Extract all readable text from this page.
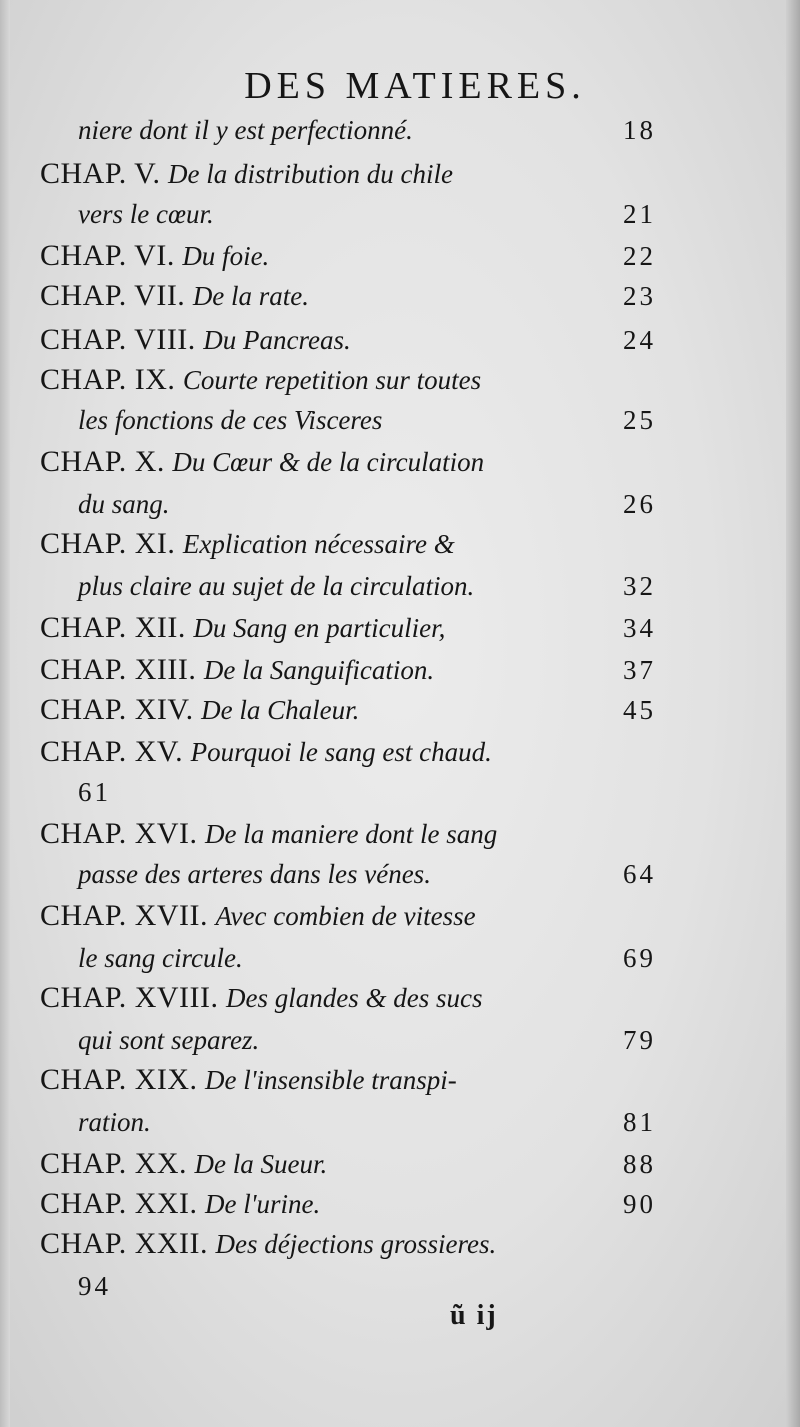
DES MATIERES.
niere dont il y est perfectionné.	18
CHAP. V. De la distribution du chile
vers le cœur.	21
CHAP. VI. Du foie.	22
CHAP. VII. De la rate.	23
CHAP. VIII. Du Pancreas.	24
CHAP. IX. Courte repetition sur toutes
les fonctions de ces Visceres	25
CHAP. X. Du Cœur & de la circulation
du sang.	26
CHAP. XI. Explication nécessaire &
plus claire au sujet de la circulation.	32
CHAP. XII. Du Sang en particulier,	34
CHAP. XIII. De la Sanguification.	37
CHAP. XIV. De la Chaleur.	45
CHAP. XV. Pourquoi le sang est chaud.
61
CHAP. XVI. De la maniere dont le sang
passe des arteres dans les vénes.	64
CHAP. XVII. Avec combien de vitesse
le sang circule.	69
CHAP. XVIII. Des glandes & des sucs
qui sont separez.	79
CHAP. XIX. De l'insensible transpi-
ration.	81
CHAP. XX. De la Sueur.	88
CHAP. XXI. De l'urine.	90
CHAP. XXII. Des déjections grossieres.
94
ũ ij
